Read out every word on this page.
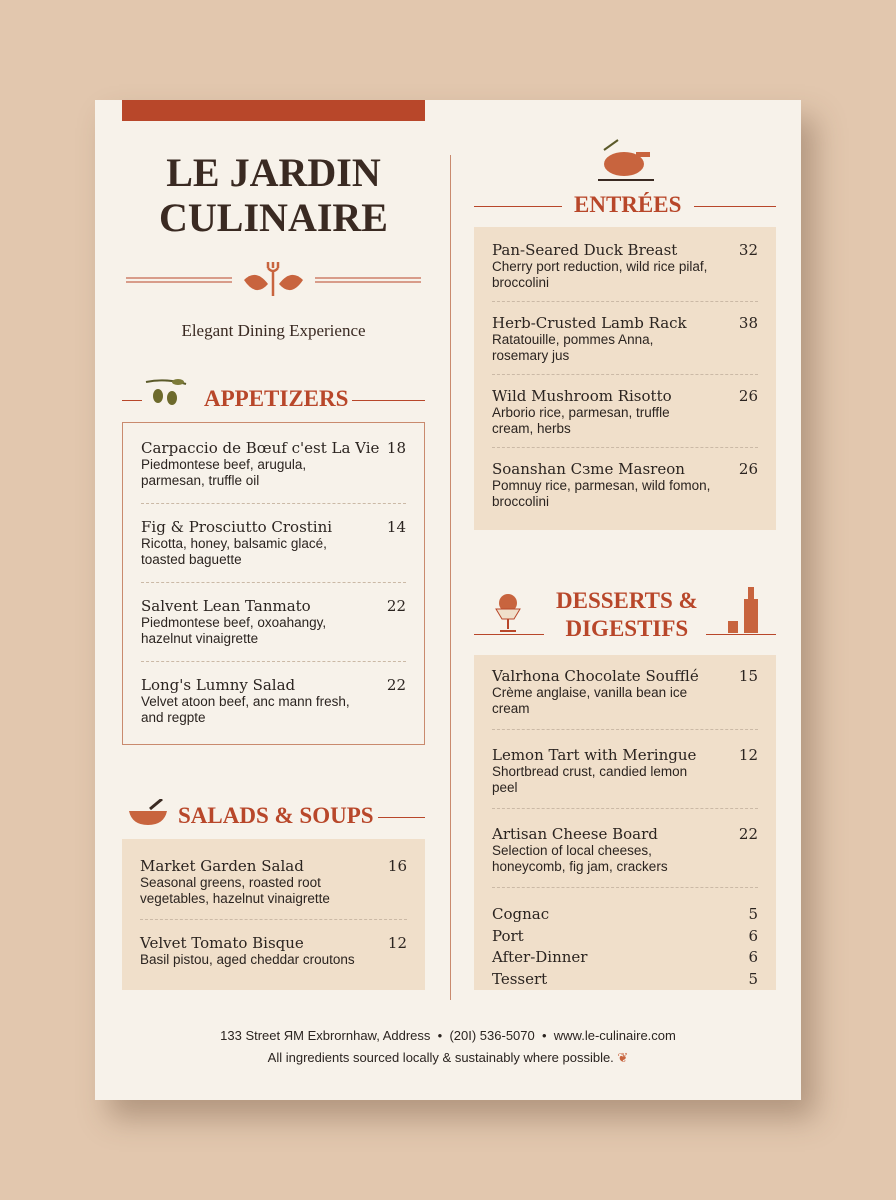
LE JARDIN
CULINAIRE
Elegant Dining Experience
APPETIZERS
Carpaccio de Bœuf c'est La Vie
Piedmontese beef, arugula, parmesan, truffle oil
18
Fig & Prosciutto Crostini
Ricotta, honey, balsamic glacé, toasted baguette
14
Salvent Lean Tanmato
Piedmontese beef, oxoahangy, hazelnut vinaigrette
22
Long's Lumny Salad
Velvet atoon beef, anc mann fresh, and regpte
22
SALADS & SOUPS
Market Garden Salad
Seasonal greens, roasted root vegetables, hazelnut vinaigrette
16
Velvet Tomato Bisque
Basil pistou, aged cheddar croutons
12
ENTRÉES
Pan-Seared Duck Breast
Cherry port reduction, wild rice pilaf, broccolini
32
Herb-Crusted Lamb Rack
Ratatouille, pommes Anna, rosemary jus
38
Wild Mushroom Risotto
Arborio rice, parmesan, truffle cream, herbs
26
Soanshan Cзme Masreon
Pomnuy rice, parmesan, wild fomon, broccolini
26
DESSERTS &
DIGESTIFS
Valrhona Chocolate Soufflé
Crème anglaise, vanilla bean ice cream
15
Lemon Tart with Meringue
Shortbread crust, candied lemon peel
12
Artisan Cheese Board
Selection of local cheeses, honeycomb, fig jam, crackers
22
Cognac	5
Port	6
After-Dinner	6
Tessert	5
133 Street ЯM Exbrornhaw, Address • (20I) 536-5070 • www.le-culinaire.com
All ingredients sourced locally & sustainably where possible. ❦
